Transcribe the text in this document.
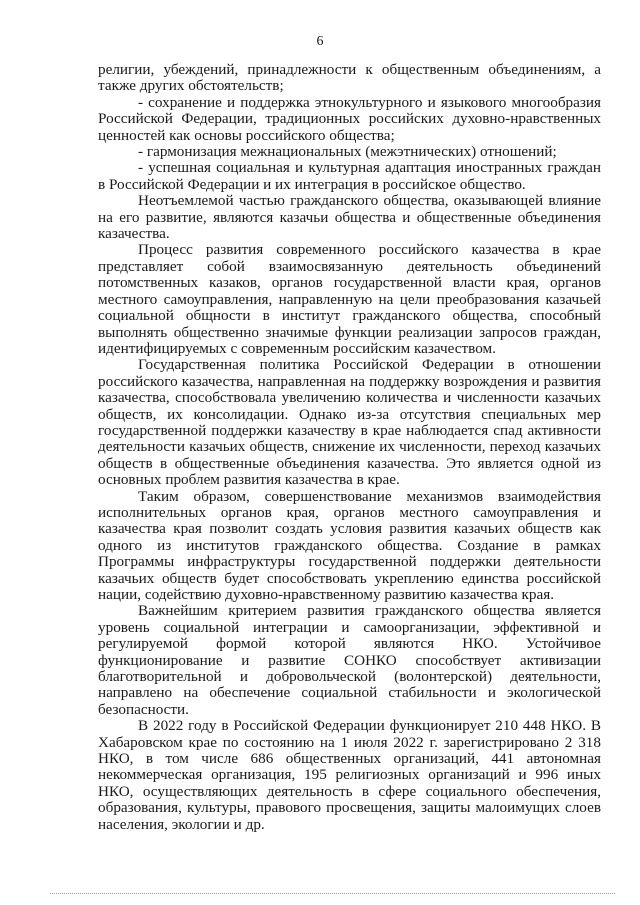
6

религии, убеждений, принадлежности к общественным объединениям, а также других обстоятельств;

- сохранение и поддержка этнокультурного и языкового многообразия Российской Федерации, традиционных российских духовно-нравственных ценностей как основы российского общества;

- гармонизация межнациональных (межэтнических) отношений;

- успешная социальная и культурная адаптация иностранных граждан в Российской Федерации и их интеграция в российское общество.

Неотъемлемой частью гражданского общества, оказывающей влияние на его развитие, являются казачьи общества и общественные объединения казачества.

Процесс развития современного российского казачества в крае представляет собой взаимосвязанную деятельность объединений потомственных казаков, органов государственной власти края, органов местного самоуправления, направленную на цели преобразования казачьей социальной общности в институт гражданского общества, способный выполнять общественно значимые функции реализации запросов граждан, идентифицируемых с современным российским казачеством.

Государственная политика Российской Федерации в отношении российского казачества, направленная на поддержку возрождения и развития казачества, способствовала увеличению количества и численности казачьих обществ, их консолидации. Однако из-за отсутствия специальных мер государственной поддержки казачеству в крае наблюдается спад активности деятельности казачьих обществ, снижение их численности, переход казачьих обществ в общественные объединения казачества. Это является одной из основных проблем развития казачества в крае.

Таким образом, совершенствование механизмов взаимодействия исполнительных органов края, органов местного самоуправления и казачества края позволит создать условия развития казачьих обществ как одного из институтов гражданского общества. Создание в рамках Программы инфраструктуры государственной поддержки деятельности казачьих обществ будет способствовать укреплению единства российской нации, содействию духовно-нравственному развитию казачества края.

Важнейшим критерием развития гражданского общества является уровень социальной интеграции и самоорганизации, эффективной и регулируемой формой которой являются НКО. Устойчивое функционирование и развитие СОНКО способствует активизации благотворительной и добровольческой (волонтерской) деятельности, направлено на обеспечение социальной стабильности и экологической безопасности.

В 2022 году в Российской Федерации функционирует 210 448 НКО. В Хабаровском крае по состоянию на 1 июля 2022 г. зарегистрировано 2 318 НКО, в том числе 686 общественных организаций, 441 автономная некоммерческая организация, 195 религиозных организаций и 996 иных НКО, осуществляющих деятельность в сфере социального обеспечения, образования, культуры, правового просвещения, защиты малоимущих слоев населения, экологии и др.
